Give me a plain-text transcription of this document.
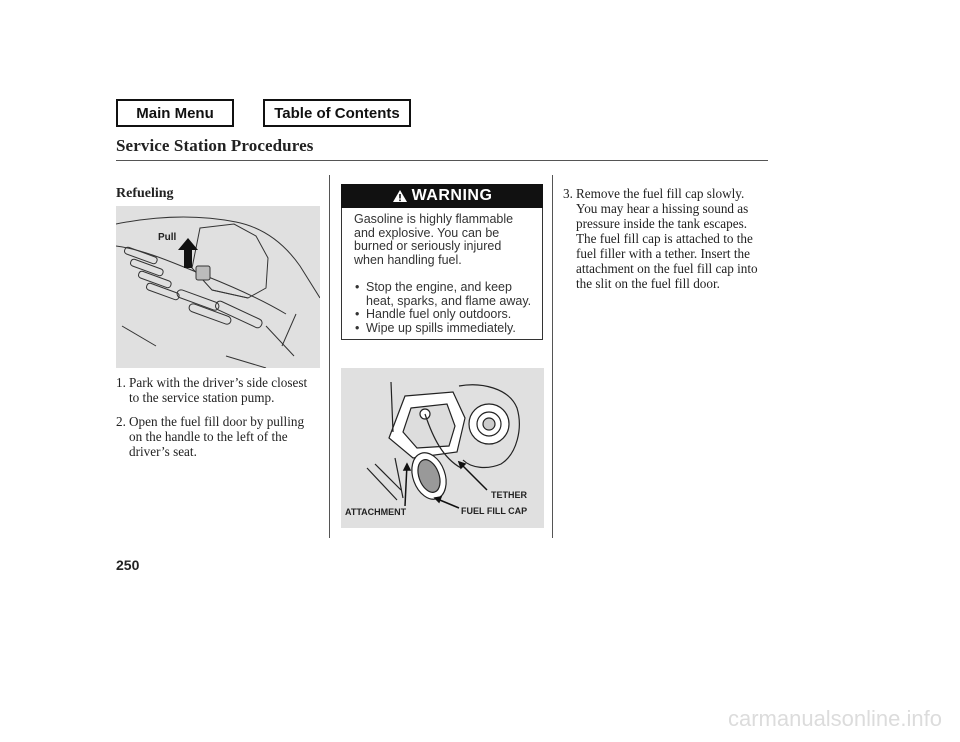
Main Menu	Table of Contents
Service Station Procedures
Refueling
Pull
1. Park with the driver’s side closest
to the service station pump.
2. Open the fuel fill door by pulling
on the handle to the left of the
driver’s seat.
WARNING
Gasoline is highly flammable
and explosive. You can be
burned or seriously injured
when handling fuel.
• Stop the engine, and keep
heat, sparks, and flame away.
• Handle fuel only outdoors.
• Wipe up spills immediately.
TETHER
ATTACHMENT	FUEL FILL CAP
3. Remove the fuel fill cap slowly.
You may hear a hissing sound as
pressure inside the tank escapes.
The fuel fill cap is attached to the
fuel filler with a tether. Insert the
attachment on the fuel fill cap into
the slit on the fuel fill door.
250
carmanualsonline.info
